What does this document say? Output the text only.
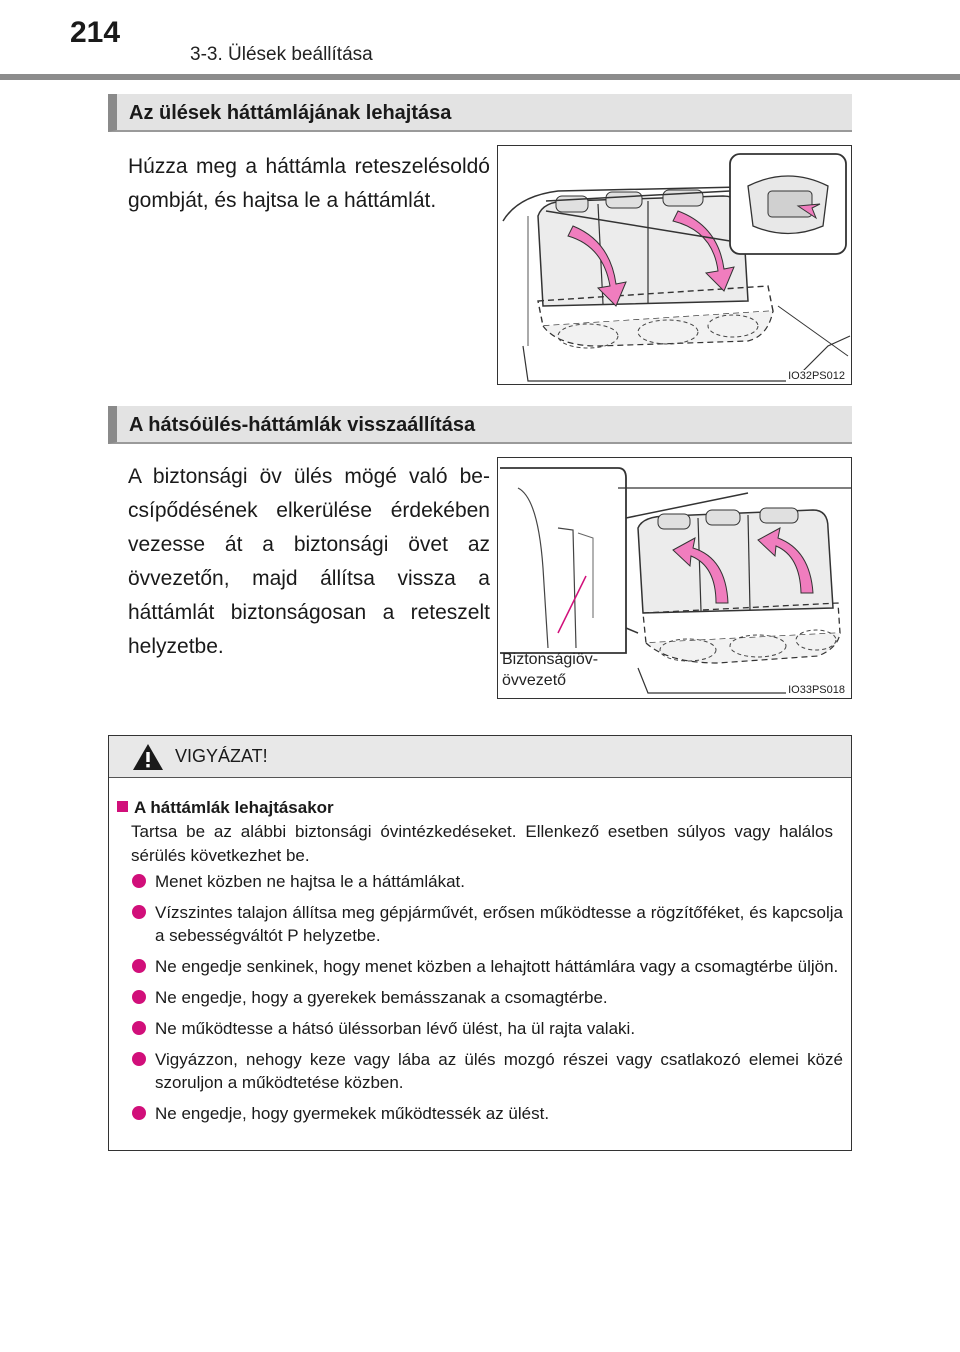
214
3-3. Ülések beállítása
Az ülések háttámlájának lehajtása
Húzza meg a háttámla reteszelésoldó gombját, és hajtsa le a háttámlát.
IO32PS012
A hátsóülés-háttámlák visszaállítása
A biztonsági öv ülés mögé való becsípődésének elkerülése érdekében vezesse át a biztonsági övet az övvezetőn, majd állítsa vissza a háttámlát biztonságosan a reteszelt helyzetbe.
Biztonságiöv-
övvezető
IO33PS018
VIGYÁZAT!
A háttámlák lehajtásakor
Tartsa be az alábbi biztonsági óvintézkedéseket. Ellenkező esetben súlyos vagy halálos sérülés következhet be.
Menet közben ne hajtsa le a háttámlákat.
Vízszintes talajon állítsa meg gépjárművét, erősen működtesse a rögzítőféket, és kapcsolja a sebességváltót P helyzetbe.
Ne engedje senkinek, hogy menet közben a lehajtott háttámlára vagy a csomagtérbe üljön.
Ne engedje, hogy a gyerekek bemásszanak a csomagtérbe.
Ne működtesse a hátsó üléssorban lévő ülést, ha ül rajta valaki.
Vigyázzon, nehogy keze vagy lába az ülés mozgó részei vagy csatlakozó elemei közé szoruljon a működtetése közben.
Ne engedje, hogy gyermekek működtessék az ülést.
